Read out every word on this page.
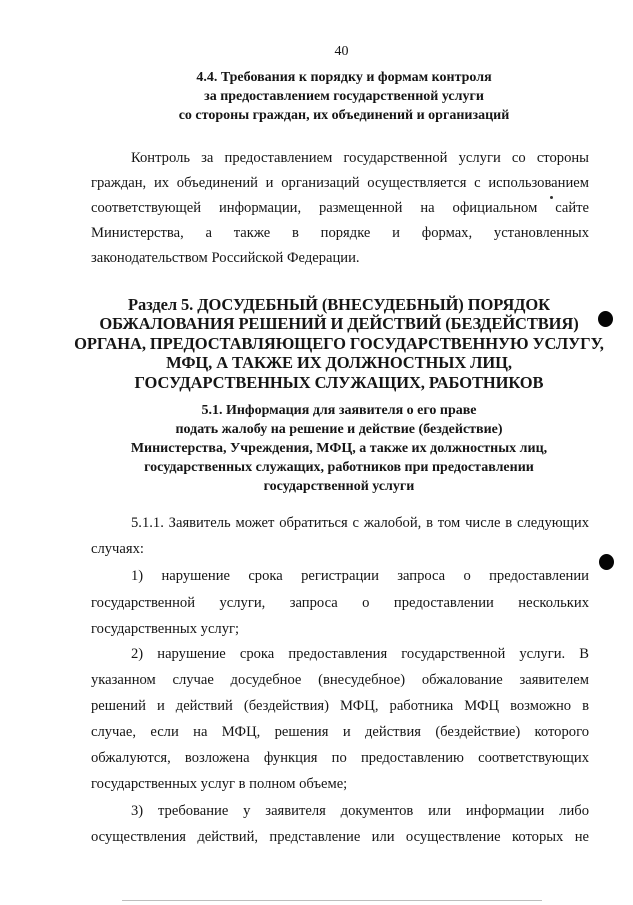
40
4.4. Требования к порядку и формам контроля
за предоставлением государственной услуги
со стороны граждан, их объединений и организаций

Контроль за предоставлением государственной услуги со стороны
граждан, их объединений и организаций осуществляется с использованием
соответствующей информации, размещенной на официальном сайте
Министерства, а также в порядке и формах, установленных
законодательством Российской Федерации.

Раздел 5. ДОСУДЕБНЫЙ (ВНЕСУДЕБНЫЙ) ПОРЯДОК
ОБЖАЛОВАНИЯ РЕШЕНИЙ И ДЕЙСТВИЙ (БЕЗДЕЙСТВИЯ)
ОРГАНА, ПРЕДОСТАВЛЯЮЩЕГО ГОСУДАРСТВЕННУЮ УСЛУГУ,
МФЦ, А ТАКЖЕ ИХ ДОЛЖНОСТНЫХ ЛИЦ,
ГОСУДАРСТВЕННЫХ СЛУЖАЩИХ, РАБОТНИКОВ
5.1. Информация для заявителя о его праве
подать жалобу на решение и действие (бездействие)
Министерства, Учреждения, МФЦ, а также их должностных лиц,
государственных служащих, работников при предоставлении
государственной услуги

5.1.1. Заявитель может обратиться с жалобой, в том числе в следующих
случаях:

1) нарушение срока регистрации запроса о предоставлении
государственной услуги, запроса о предоставлении нескольких
государственных услуг;

2) нарушение срока предоставления государственной услуги. В
указанном случае досудебное (внесудебное) обжалование заявителем
решений и действий (бездействия) МФЦ, работника МФЦ возможно в
случае, если на МФЦ, решения и действия (бездействие) которого
обжалуются, возложена функция по предоставлению соответствующих
государственных услуг в полном объеме;

3) требование у заявителя документов или информации либо
осуществления действий, представление или осуществление которых не
